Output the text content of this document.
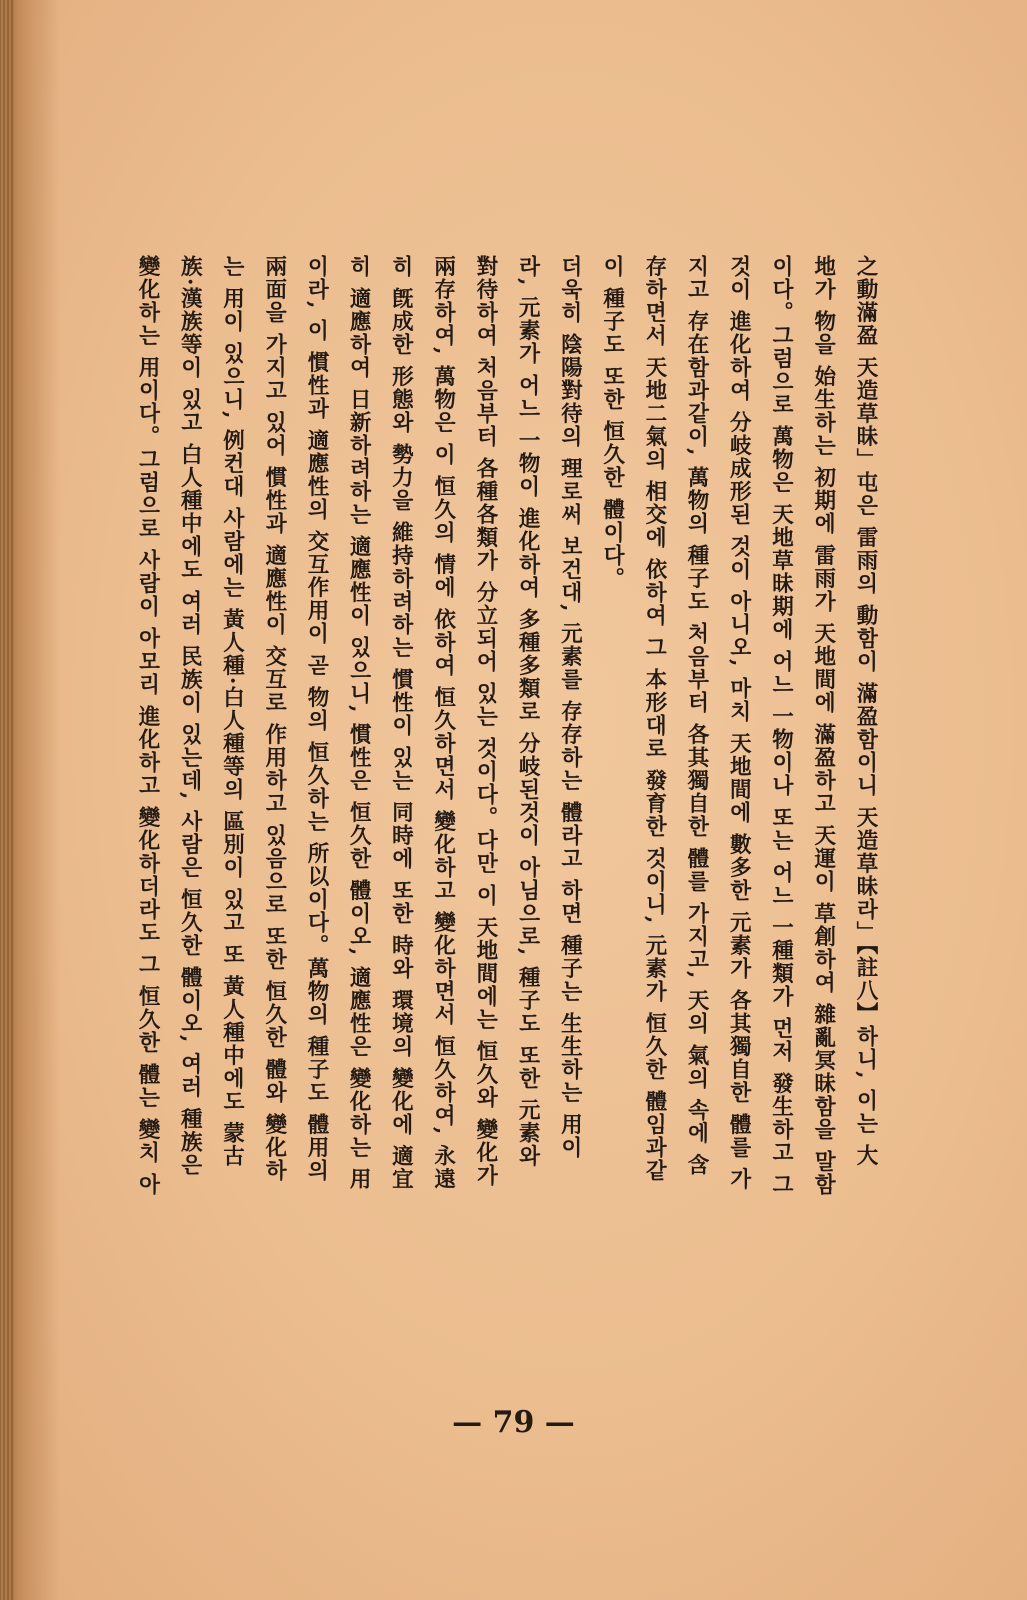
之動滿盈 天造草昧」屯은 雷雨의 動함이 滿盈함이니 天造草昧라」【註八】하니, 이는 大
地가 物을 始生하는 初期에 雷雨가 天地間에 滿盈하고 天運이 草創하여 雜亂冥昧함을 말함
이다。그럼으로 萬物은 天地草昧期에 어느 一物이나 또는 어느 一種類가 먼저 發生하고 그
것이 進化하여 分岐成形된 것이 아니오, 마치 天地間에 數多한 元素가 各其獨自한 體를 가
지고 存在함과같이, 萬物의 種子도 처음부터 各其獨自한 體를 가지고, 天의 氣의 속에 含
存하면서 天地二氣의 相交에 依하여 그 本形대로 發育한 것이니, 元素가 恒久한 體임과같
이 種子도 또한 恒久한 體이다。
더욱히 陰陽對待의 理로써 보건대, 元素를 存存하는 體라고 하면 種子는 生生하는 用이
라, 元素가 어느 一物이 進化하여 多種多類로 分岐된것이 아님으로, 種子도 또한 元素와
對待하여 처음부터 各種各類가 分立되어 있는 것이다。다만 이 天地間에는 恒久와 變化가
兩存하여, 萬物은 이 恒久의 情에 依하여 恒久하면서 變化하고 變化하면서 恒久하여, 永遠
히 旣成한 形態와 勢力을 維持하려하는 慣性이 있는 同時에 또한 時와 環境의 變化에 適宜
히 適應하여 日新하려하는 適應性이 있으니, 慣性은 恒久한 體이오, 適應性은 變化하는 用
이라, 이 慣性과 適應性의 交互作用이 곧 物의 恒久하는 所以이다。萬物의 種子도 體用의
兩面을 가지고 있어 慣性과 適應性이 交互로 作用하고 있음으로 또한 恒久한 體와 變化하
는 用이 있으니, 例컨대 사람에는 黃人種·白人種等의 區別이 있고 또 黃人種中에도 蒙古
族·漢族等이 있고 白人種中에도 여러 民族이 있는데, 사람은 恒久한 體이오, 여러 種族은
變化하는 用이다。그럼으로 사람이 아모리 進化하고 變化하더라도 그 恒久한 體는 變치 아
— 79 —
